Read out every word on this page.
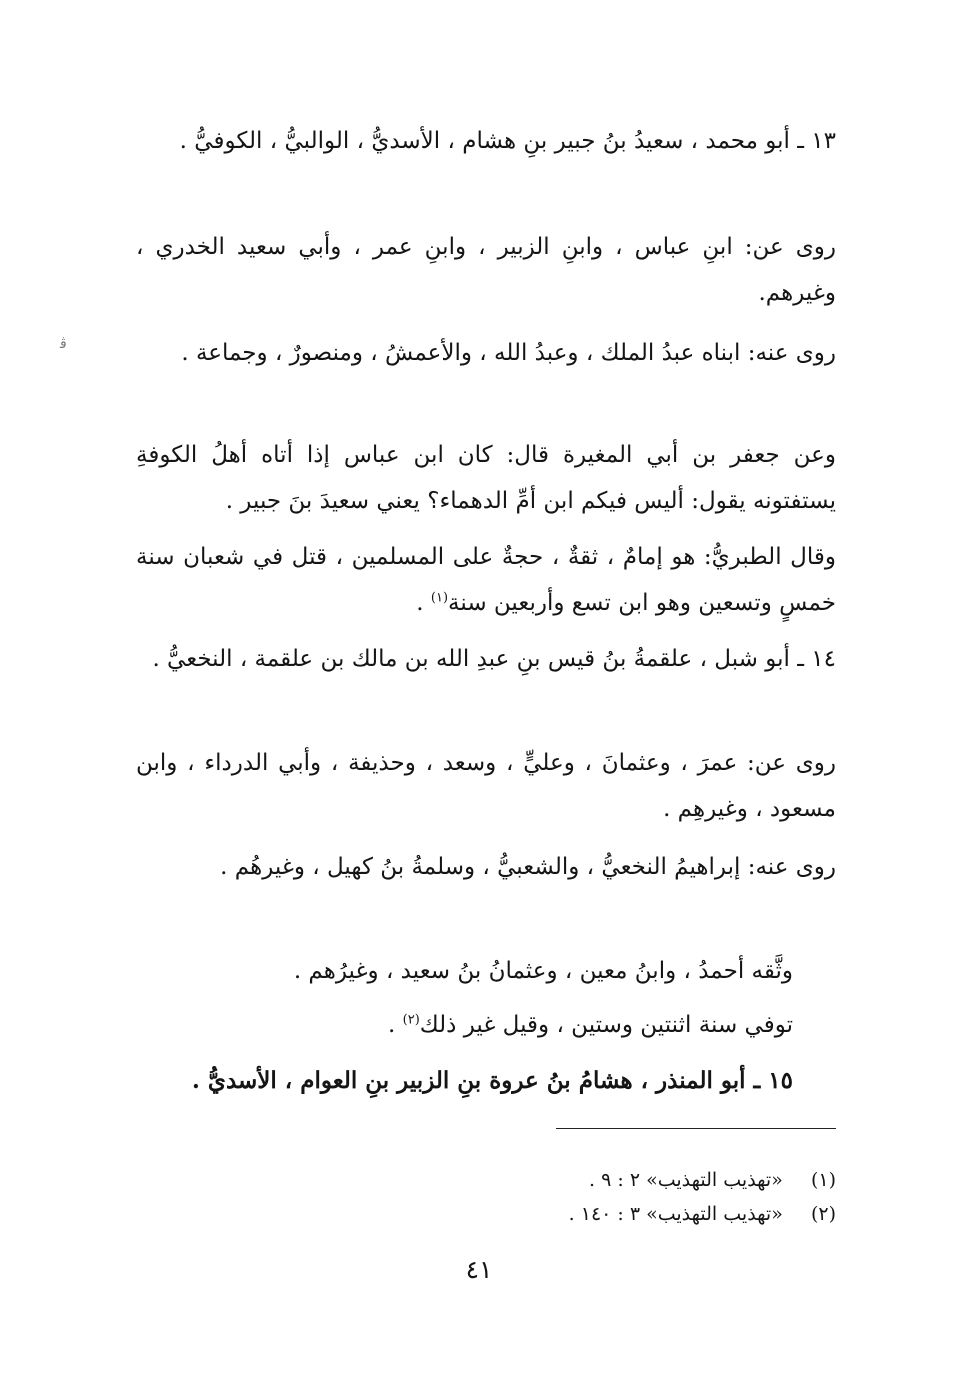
ﭬ

١٣ ـ أبو محمد ، سعيدُ بنُ جبير بنِ هشام ، الأسديُّ ، الوالبيُّ ، الكوفيُّ .

روى عن: ابنِ عباس ، وابنِ الزبير ، وابنِ عمر ، وأبي سعيد الخدري ، وغيرهم.

روى عنه: ابناه عبدُ الملك ، وعبدُ الله ، والأعمشُ ، ومنصورٌ ، وجماعة .

وعن جعفر بن أبي المغيرة قال: كان ابن عباس إذا أتاه أهلُ الكوفةِ يستفتونه يقول: أليس فيكم ابن أمِّ الدهماء؟ يعني سعيدَ بنَ جبير .

وقال الطبريُّ: هو إمامٌ ، ثقةٌ ، حجةٌ على المسلمين ، قتل في شعبان سنة خمسٍ وتسعين وهو ابن تسع وأربعين سنة$^{(١)}$ .

١٤ ـ أبو شبل ، علقمةُ بنُ قيس بنِ عبدِ الله بن مالك بن علقمة ، النخعيُّ .

روى عن: عمرَ ، وعثمانَ ، وعليٍّ ، وسعد ، وحذيفة ، وأبي الدرداء ، وابن مسعود ، وغيرهِم .

روى عنه: إبراهيمُ النخعيُّ ، والشعبيُّ ، وسلمةُ بنُ كهيل ، وغيرهُم .

وثَّقه أحمدُ ، وابنُ معين ، وعثمانُ بنُ سعيد ، وغيرُهم .

توفي سنة اثنتين وستين ، وقيل غير ذلك$^{(٢)}$ .

١٥ ـ أبو المنذر ، هشامُ بنُ عروة بنِ الزبير بنِ العوام ، الأسديُّ .

(١)  «تهذيب التهذيب» ٢ : ٩ .
(٢)  «تهذيب التهذيب» ٣ : ١٤٠ .
٤١
